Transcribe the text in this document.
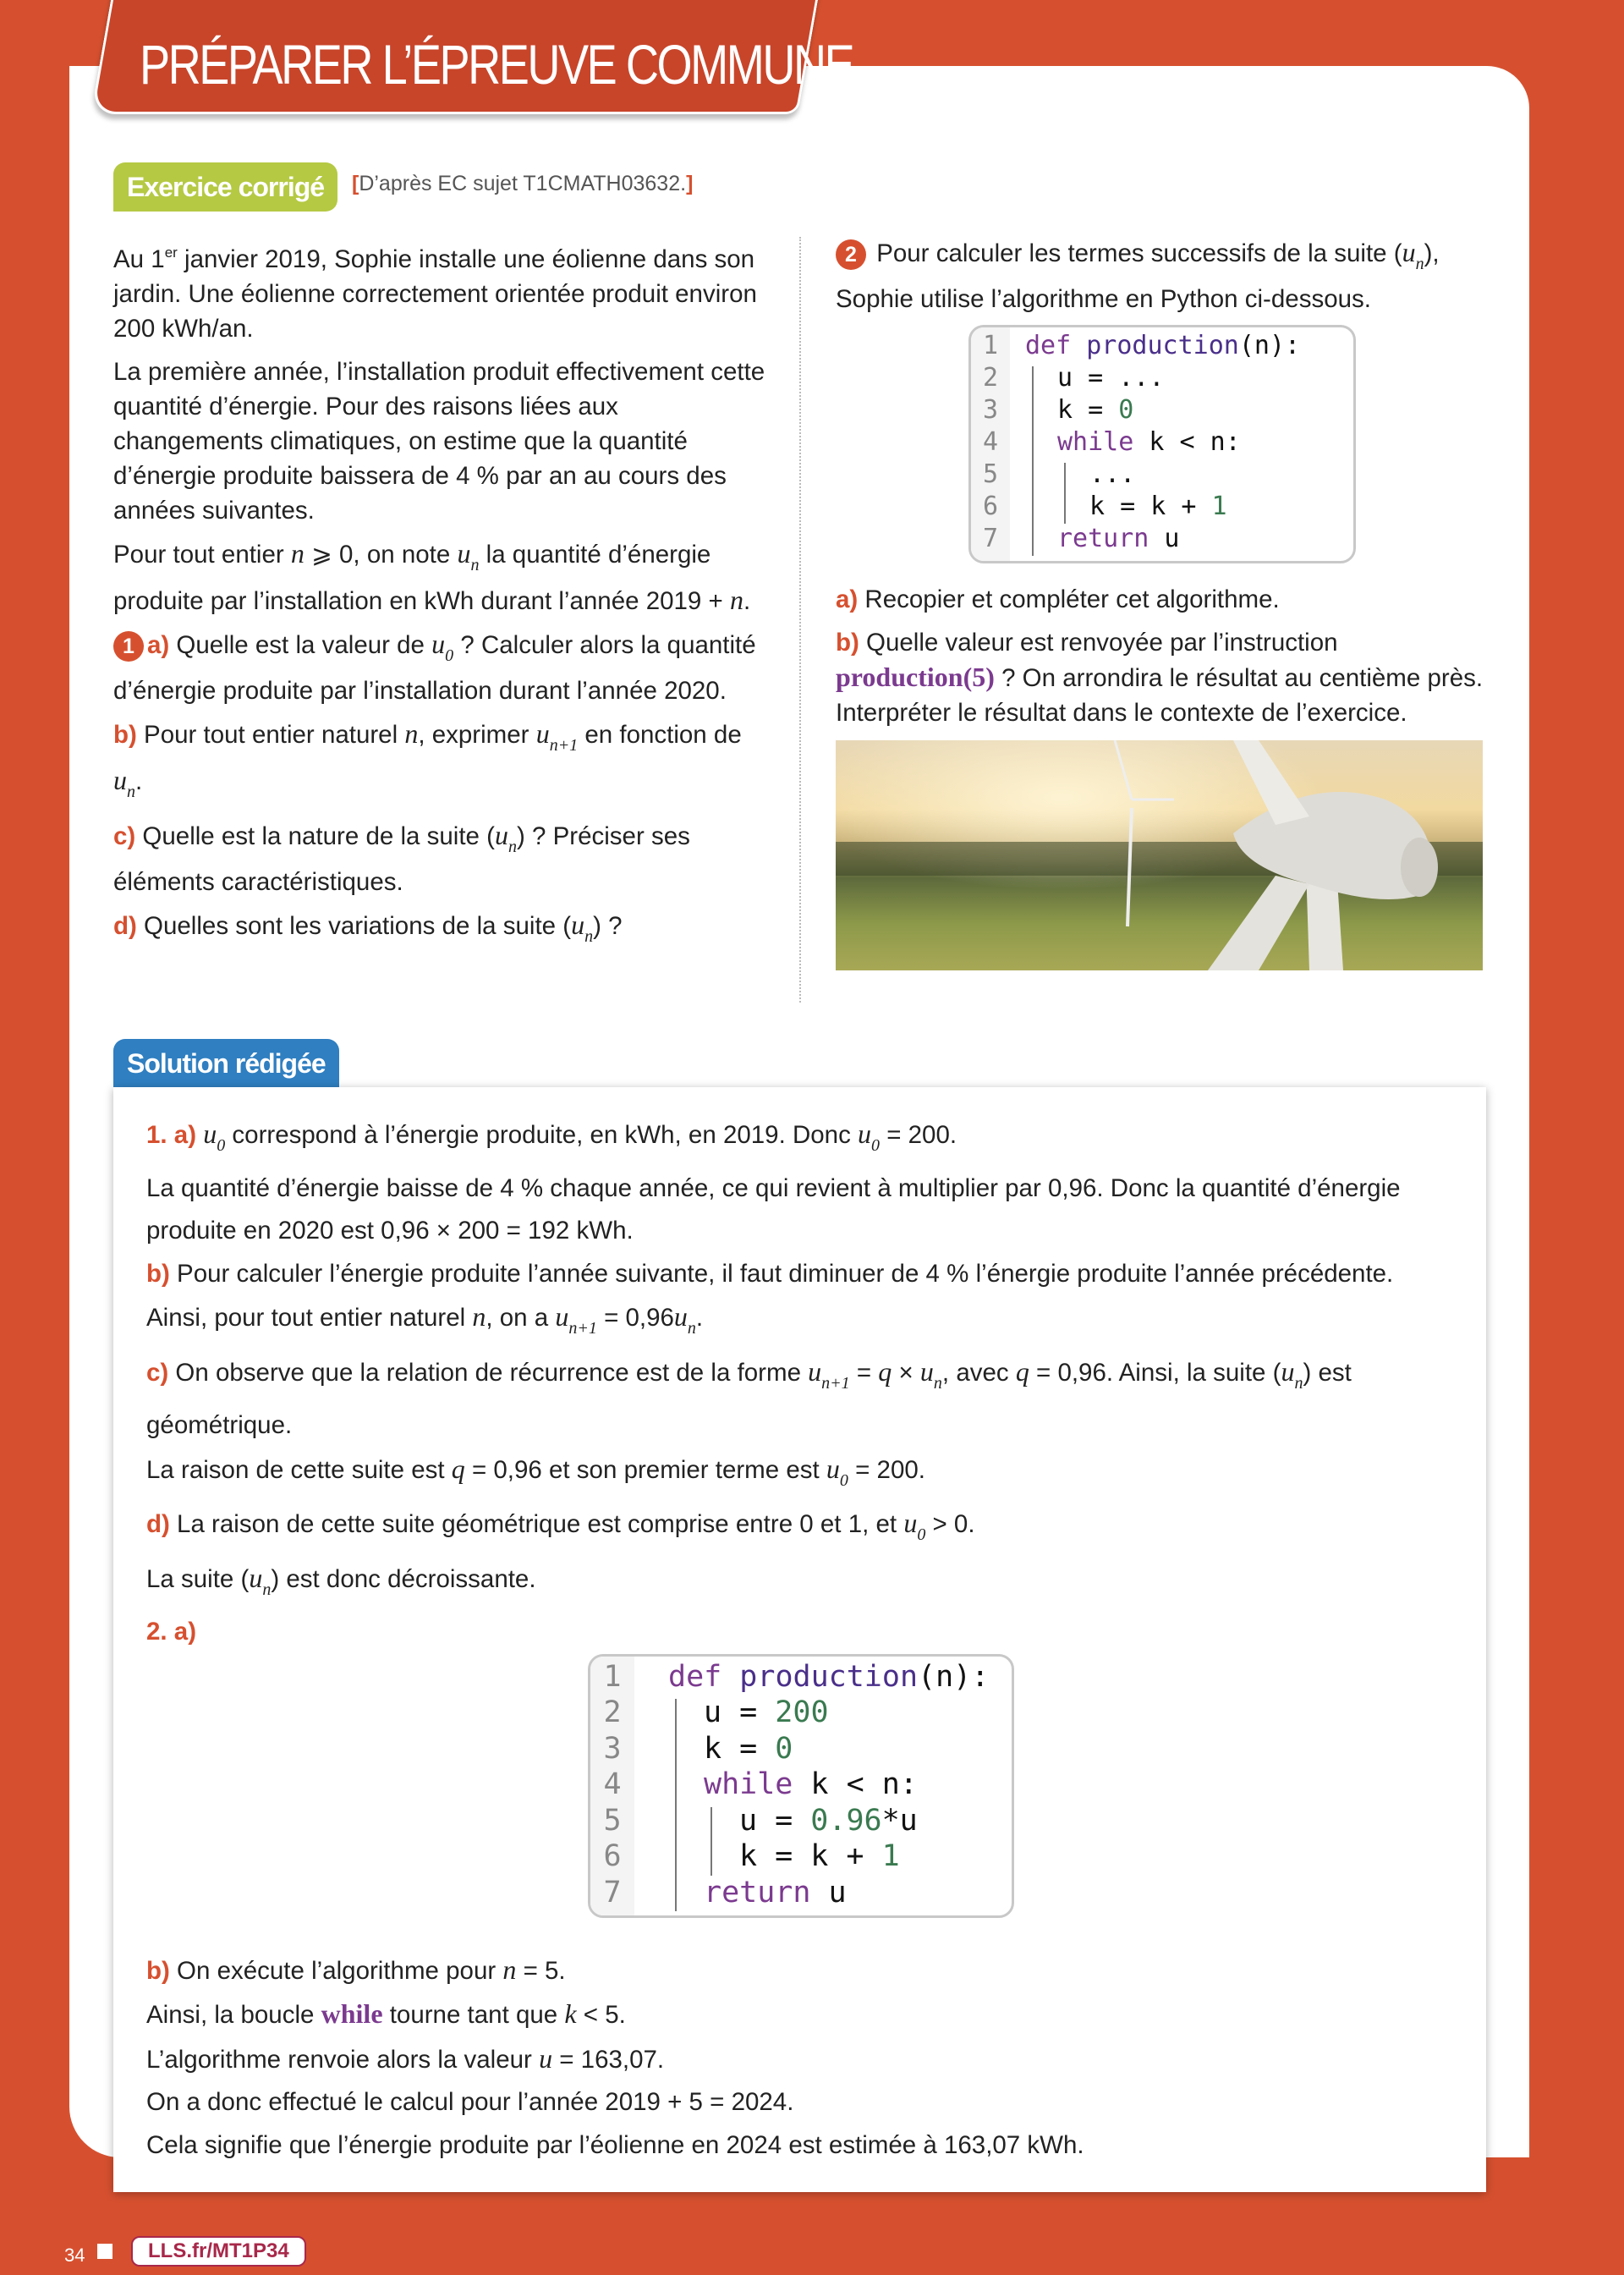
PRÉPARER L’ÉPREUVE COMMUNE
Exercice corrigé	[D’après EC sujet T1CMATH03632.]

Au 1er janvier 2019, Sophie installe une éolienne dans son jardin. Une éolienne correctement orientée produit environ 200 kWh/an.

La première année, l’installation produit effectivement cette quantité d’énergie. Pour des raisons liées aux changements climatiques, on estime que la quantité d’énergie produite baissera de 4 % par an au cours des années suivantes.

Pour tout entier n ⩾ 0, on note $u_n$ la quantité d’énergie produite par l’installation en kWh durant l’année 2019 + n.

1 a) Quelle est la valeur de $u_0$ ? Calculer alors la quantité d’énergie produite par l’installation durant l’année 2020.

b) Pour tout entier naturel n, exprimer $u_{n+1}$ en fonction de $u_n$.

c) Quelle est la nature de la suite $(u_n)$ ? Préciser ses éléments caractéristiques.

d) Quelles sont les variations de la suite $(u_n)$ ?

2 Pour calculer les termes successifs de la suite $(u_n)$, Sophie utilise l’algorithme en Python ci-dessous.

1
2
3
4
5
6
7
def production(n):
u = ...
k = 0
while k < n:
...
k = k + 1
return u

a) Recopier et compléter cet algorithme.

b) Quelle valeur est renvoyée par l’instruction production(5) ? On arrondira le résultat au centième près. Interpréter le résultat dans le contexte de l’exercice.

Solution rédigée

1. a) $u_0$ correspond à l’énergie produite, en kWh, en 2019. Donc $u_0 = 200$.

La quantité d’énergie baisse de 4 % chaque année, ce qui revient à multiplier par 0,96. Donc la quantité d’énergie produite en 2020 est 0,96 × 200 = 192 kWh.

b) Pour calculer l’énergie produite l’année suivante, il faut diminuer de 4 % l’énergie produite l’année précédente.

Ainsi, pour tout entier naturel n, on a $u_{n+1} = 0,96u_n$.

c) On observe que la relation de récurrence est de la forme $u_{n+1} = q \times u_n$, avec q = 0,96. Ainsi, la suite $(u_n)$ est géométrique.

La raison de cette suite est q = 0,96 et son premier terme est $u_0 = 200$.

d) La raison de cette suite géométrique est comprise entre 0 et 1, et $u_0 > 0$.

La suite $(u_n)$ est donc décroissante.

2. a)

1
2
3
4
5
6
7
def production(n):
u = 200
k = 0
while k < n:
u = 0.96*u
k = k + 1
return u

b) On exécute l’algorithme pour n = 5.

Ainsi, la boucle while tourne tant que k < 5.

L’algorithme renvoie alors la valeur u = 163,07.

On a donc effectué le calcul pour l’année 2019 + 5 = 2024.

Cela signifie que l’énergie produite par l’éolienne en 2024 est estimée à 163,07 kWh.

34	LLS.fr/MT1P34
